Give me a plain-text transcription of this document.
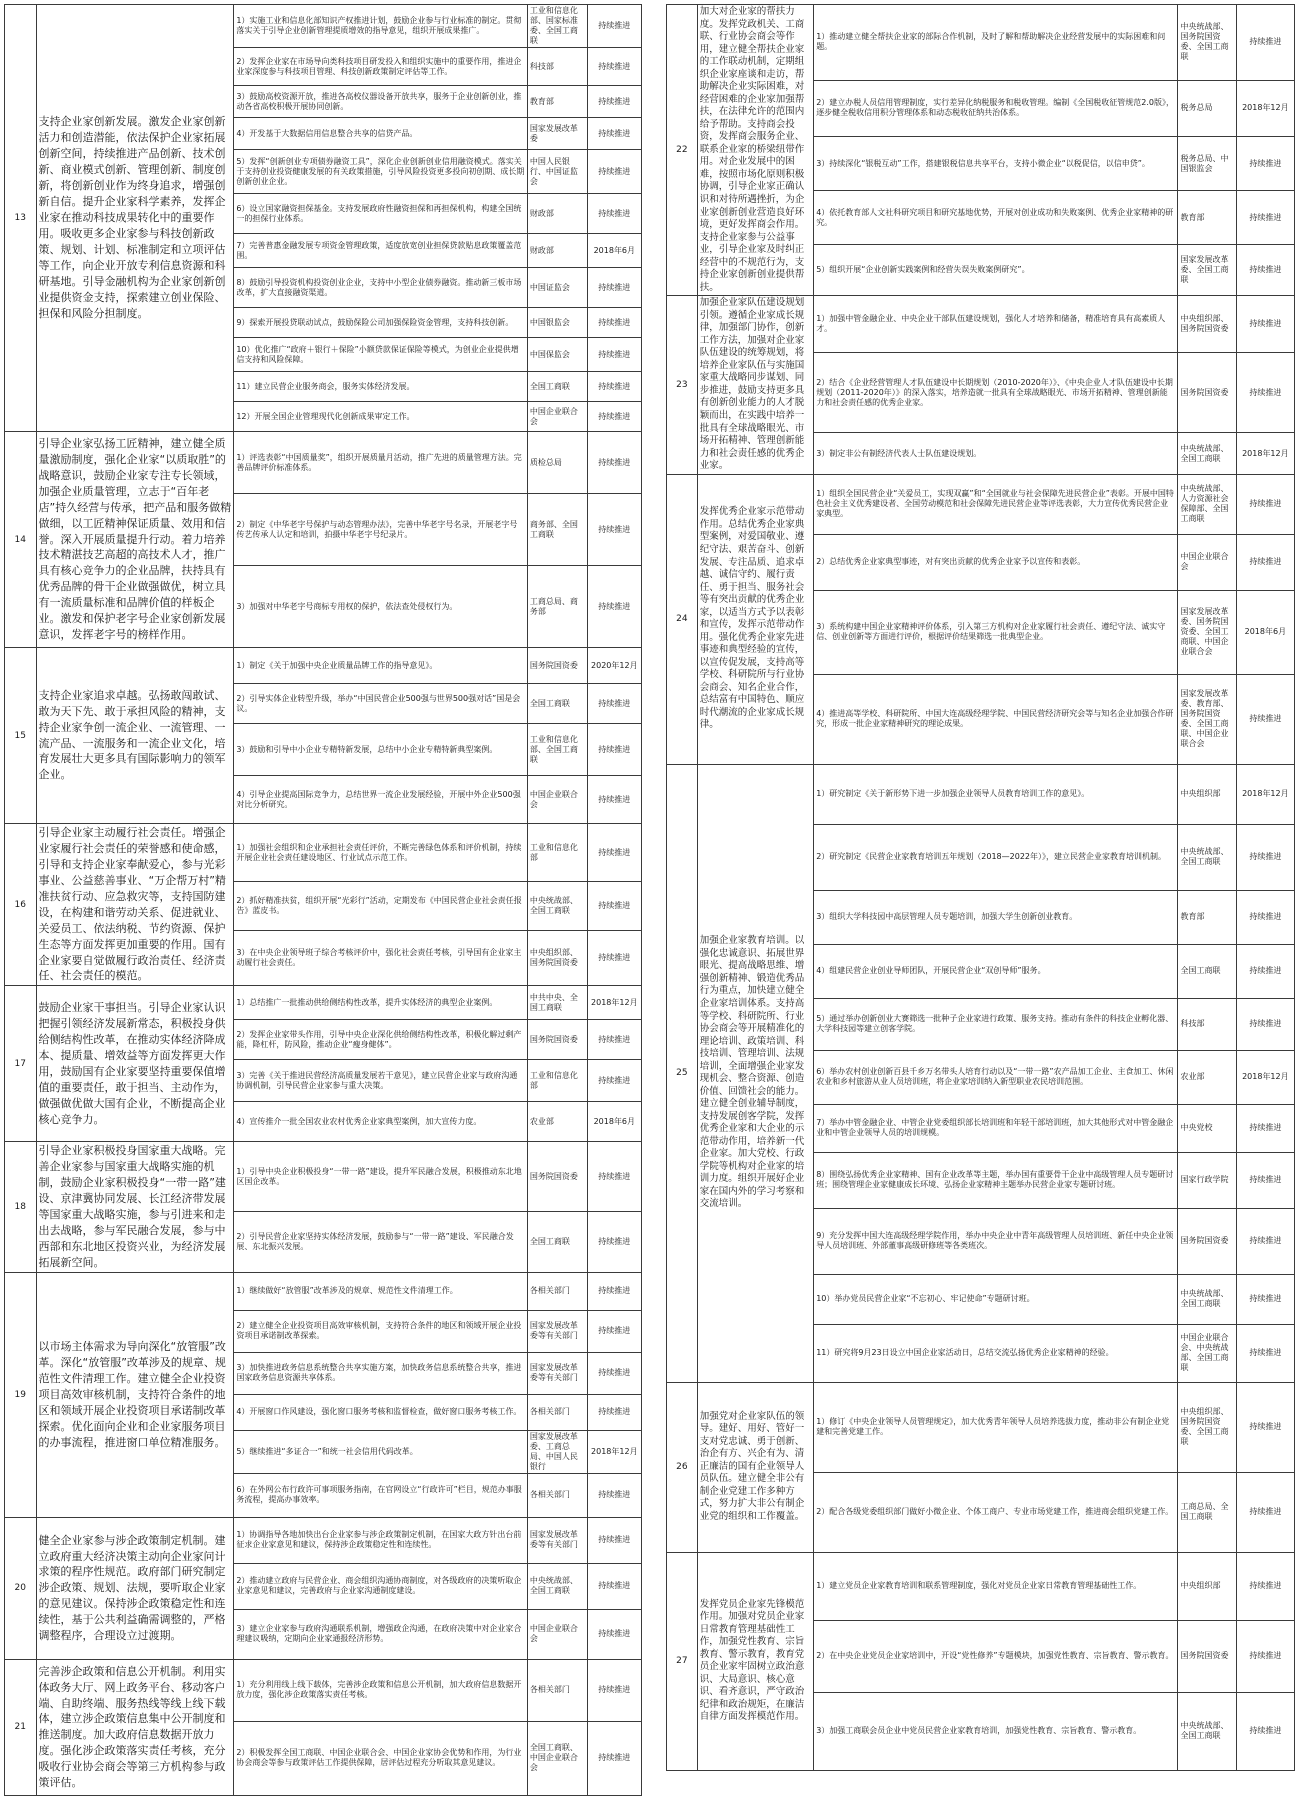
13	支持企业家创新发展。激发企业家创新活力和创造潜能，依法保护企业家拓展创新空间，持续推进产品创新、技术创新、商业模式创新、管理创新、制度创新，将创新创业作为终身追求，增强创新自信。提升企业家科学素养，发挥企业家在推动科技成果转化中的重要作用。吸收更多企业家参与科技创新政策、规划、计划、标准制定和立项评估等工作，向企业开放专利信息资源和科研基地。引导金融机构为企业家创新创业提供资金支持，探索建立创业保险、担保和风险分担制度。	1）实施工业和信息化部知识产权推进计划，鼓励企业参与行业标准的制定。贯彻落实关于引导企业创新管理提质增效的指导意见，组织开展成果推广。	工业和信息化部、国家标准委、全国工商联	持续推进
		2）发挥企业家在市场导向类科技项目研发投入和组织实施中的重要作用，推进企业家深度参与科技项目管理、科技创新政策制定评估等工作。	科技部	持续推进
		3）鼓励高校资源开放，推进各高校仪器设备开放共享，服务于企业创新创业，推动各省高校积极开展协同创新。	教育部	持续推进
		4）开发基于大数据信用信息整合共享的信贷产品。	国家发展改革委	持续推进
		5）发挥“创新创业专项债券融资工具”，深化企业创新创业信用融资模式。落实关于支持创业投资健康发展的有关政策措施，引导风险投资更多投向初创期、成长期创新创业企业。	中国人民银行、中国证监会	持续推进
		6）设立国家融资担保基金。支持发展政府性融资担保和再担保机构，构建全国统一的担保行业体系。	财政部	持续推进
		7）完善普惠金融发展专项资金管理政策，适度放宽创业担保贷款贴息政策覆盖范围。	财政部	2018年6月
		8）鼓励引导投资机构投资创业企业，支持中小型企业债券融资。推动新三板市场改革，扩大直接融资渠道。	中国证监会	持续推进
		9）探索开展投贷联动试点，鼓励保险公司加强保险资金管理，支持科技创新。	中国银监会	持续推进
		10）优化推广“政府＋银行＋保险”小额贷款保证保险等模式，为创业企业提供增信支持和风险保障。	中国保监会	持续推进
		11）建立民营企业服务商会，服务实体经济发展。	全国工商联	持续推进
		12）开展全国企业管理现代化创新成果审定工作。	中国企业联合会	持续推进
14	引导企业家弘扬工匠精神，建立健全质量激励制度，强化企业家“以质取胜”的战略意识，鼓励企业家专注专长领域，加强企业质量管理，立志于“百年老店”持久经营与传承，把产品和服务做精做细，以工匠精神保证质量、效用和信誉。深入开展质量提升行动。着力培养技术精湛技艺高超的高技术人才，推广具有核心竞争力的企业品牌，扶持具有优秀品牌的骨干企业做强做优，树立具有一流质量标准和品牌价值的样板企业。激发和保护老字号企业家创新发展意识，发挥老字号的榜样作用。	1）评选表彰“中国质量奖”，组织开展质量月活动，推广先进的质量管理方法。完善品牌评价标准体系。	质检总局	持续推进
		2）制定《中华老字号保护与动态管理办法》，完善中华老字号名录，开展老字号传艺传承人认定和培训，拍摄中华老字号纪录片。	商务部、全国工商联	持续推进
		3）加强对中华老字号商标专用权的保护，依法查处侵权行为。	工商总局、商务部	持续推进
15	支持企业家追求卓越。弘扬敢闯敢试、敢为天下先、敢于承担风险的精神，支持企业家争创一流企业、一流管理、一流产品、一流服务和一流企业文化，培育发展壮大更多具有国际影响力的领军企业。	1）制定《关于加强中央企业质量品牌工作的指导意见》。	国务院国资委	2020年12月
		2）引导实体企业转型升级，举办“中国民营企业500强与世界500强对话”国是会议。	全国工商联	持续推进
		3）鼓励和引导中小企业专精特新发展，总结中小企业专精特新典型案例。	工业和信息化部、全国工商联	持续推进
		4）引导企业提高国际竞争力，总结世界一流企业发展经验，开展中外企业500强对比分析研究。	中国企业联合会	持续推进
16	引导企业家主动履行社会责任。增强企业家履行社会责任的荣誉感和使命感，引导和支持企业家奉献爱心，参与光彩事业、公益慈善事业、“万企帮万村”精准扶贫行动、应急救灾等，支持国防建设，在构建和谐劳动关系、促进就业、关爱员工、依法纳税、节约资源、保护生态等方面发挥更加重要的作用。国有企业家要自觉做履行政治责任、经济责任、社会责任的模范。	1）加强社会组织和企业承担社会责任评价，不断完善绿色体系和评价机制，持续开展企业社会责任建设地区、行业试点示范工作。	工业和信息化部	持续推进
		2）抓好精准扶贫，组织开展“光彩行”活动，定期发布《中国民营企业社会责任报告》蓝皮书。	中央统战部、全国工商联	持续推进
		3）在中央企业领导班子综合考核评价中，强化社会责任考核，引导国有企业家主动履行社会责任。	中央组织部、国务院国资委	持续推进
17	鼓励企业家干事担当。引导企业家认识把握引领经济发展新常态，积极投身供给侧结构性改革，在推动实体经济降成本、提质量、增效益等方面发挥更大作用，鼓励国有企业家要坚持重要保值增值的重要责任，敢于担当、主动作为，做强做优做大国有企业，不断提高企业核心竞争力。	1）总结推广一批推动供给侧结构性改革，提升实体经济的典型企业案例。	中共中央、全国工商联	2018年12月
		2）发挥企业家带头作用，引导中央企业深化供给侧结构性改革，积极化解过剩产能，降杠杆，防风险，推动企业“瘦身健体”。	国务院国资委	持续推进
		3）完善《关于推进民营经济高质量发展若干意见》，建立民营企业家与政府沟通协调机制，引导民营企业家参与重大决策。	工业和信息化部	持续推进
		4）宣传推介一批全国农业农村优秀企业家典型案例，加大宣传力度。	农业部	2018年6月
18	引导企业家积极投身国家重大战略。完善企业家参与国家重大战略实施的机制，鼓励企业家积极投身“一带一路”建设、京津冀协同发展、长江经济带发展等国家重大战略实施，参与引进来和走出去战略，参与军民融合发展，参与中西部和东北地区投资兴业，为经济发展拓展新空间。	1）引导中央企业积极投身“一带一路”建设，提升军民融合发展，积极推动东北地区国企改革。	国务院国资委	持续推进
		2）引导民营企业家坚持实体经济发展，鼓励参与“一带一路”建设、军民融合发展、东北振兴发展。	全国工商联	持续推进
19	以市场主体需求为导向深化“放管服”改革。深化“放管服”改革涉及的规章、规范性文件清理工作。建立健全企业投资项目高效审核机制，支持符合条件的地区和领域开展企业投资项目承诺制改革探索。优化面向企业和企业家服务项目的办事流程，推进窗口单位精准服务。	1）继续做好“放管服”改革涉及的规章、规范性文件清理工作。	各相关部门	持续推进
		2）建立健全企业投资项目高效审核机制，支持符合条件的地区和领域开展企业投资项目承诺制改革探索。	国家发展改革委等有关部门	持续推进
		3）加快推进政务信息系统整合共享实施方案，加快政务信息系统整合共享，推进国家政务信息资源共享体系。	国家发展改革委等有关部门	持续推进
		4）开展窗口作风建设，强化窗口服务考核和监督检查，做好窗口服务考核工作。	各相关部门	持续推进
		5）继续推进“多证合一”和统一社会信用代码改革。	国家发展改革委、工商总局、中国人民银行	2018年12月
		6）在外网公布行政许可事项服务指南，在官网设立“行政许可”栏目，规范办事服务流程，提高办事效率。	各相关部门	持续推进
20	健全企业家参与涉企政策制定机制。建立政府重大经济决策主动向企业家问计求策的程序性规范。政府部门研究制定涉企政策、规划、法规，要听取企业家的意见建议。保持涉企政策稳定性和连续性，基于公共利益确需调整的，严格调整程序，合理设立过渡期。	1）协调指导各地加快出台企业家参与涉企政策制定机制，在国家大政方针出台前征求企业家意见和建议，保持涉企政策稳定性和连续性。	国家发展改革委等有关部门	持续推进
		2）推动建立政府与民营企业、商会组织沟通协商制度，对各级政府的决策听取企业家意见和建议，完善政府与企业家沟通制度建设。	中央统战部、全国工商联	持续推进
		3）建立企业家参与政府沟通联系机制，增强政企沟通，在政府决策中对企业家合理建议吸纳，定期向企业家通报经济形势。	中国企业联合会	持续推进
21	完善涉企政策和信息公开机制。利用实体政务大厅、网上政务平台、移动客户端、自助终端、服务热线等线上线下载体，建立涉企政策信息集中公开制度和推送制度。加大政府信息数据开放力度。强化涉企政策落实责任考核，充分吸收行业协会商会等第三方机构参与政策评估。	1）充分利用线上线下载体，完善涉企政策和信息公开机制，加大政府信息数据开放力度，强化涉企政策落实责任考核。	各相关部门	持续推进
		2）积极发挥全国工商联、中国企业联合会、中国企业家协会优势和作用，为行业协会商会等参与政策评估工作提供保障，居评估过程充分听取其意见建议。	全国工商联、中国企业联合会	持续推进
22	加大对企业家的帮扶力度。发挥党政机关、工商联、行业协会商会等作用，建立健全帮扶企业家的工作联动机制，定期组织企业家座谈和走访，帮助解决企业实际困难，对经营困难的企业家加强帮扶，在法律允许的范围内给予帮助。支持商会投资，发挥商会服务企业、联系企业家的桥梁纽带作用。对企业发展中的困难，按照市场化原则积极协调，引导企业家正确认识和对待所遇挫折，为企业家创新创业营造良好环境，更好发挥商会作用。支持企业家参与公益事业，引导企业家及时纠正经营中的不规范行为，支持企业家创新创业提供帮扶。	1）推动建立健全帮扶企业家的部际合作机制，及时了解和帮助解决企业经营发展中的实际困难和问题。	中央统战部、国务院国资委、全国工商联	持续推进
		2）建立办税人员信用管理制度，实行差异化纳税服务和税收管理。编制《全国税收征管规范2.0版》，逐步健全税收信用积分管理体系和动态税收征纳共治体系。	税务总局	2018年12月
		3）持续深化“银税互动”工作，搭建银税信息共享平台，支持小微企业“以税促信，以信申贷”。	税务总局、中国银监会	持续推进
		4）依托教育部人文社科研究项目和研究基地优势，开展对创业成功和失败案例、优秀企业家精神的研究。	教育部	持续推进
		5）组织开展“企业创新实践案例和经营失误失败案例研究”。	国家发展改革委、全国工商联	持续推进
23	加强企业家队伍建设规划引领。遵循企业家成长规律，加强部门协作，创新工作方法，加强对企业家队伍建设的统筹规划，将培养企业家队伍与实施国家重大战略同步谋划、同步推进，鼓励支持更多具有创新创业能力的人才脱颖而出，在实践中培养一批具有全球战略眼光、市场开拓精神、管理创新能力和社会责任感的优秀企业家。	1）加强中管金融企业、中央企业干部队伍建设规划，强化人才培养和储备，精准培育具有高素质人才。	中央组织部、国务院国资委	持续推进
		2）结合《企业经营管理人才队伍建设中长期规划（2010-2020年）》、《中央企业人才队伍建设中长期规划（2011-2020年）》的深入落实，培养造就一批具有全球战略眼光、市场开拓精神、管理创新能力和社会责任感的优秀企业家。	国务院国资委	持续推进
		3）制定非公有制经济代表人士队伍建设规划。	中央统战部、全国工商联	2018年12月
24	发挥优秀企业家示范带动作用。总结优秀企业家典型案例，对爱国敬业、遵纪守法、艰苦奋斗、创新发展、专注品质、追求卓越、诚信守约、履行责任、勇于担当、服务社会等有突出贡献的优秀企业家，以适当方式予以表彰和宣传，发挥示范带动作用。强化优秀企业家先进事迹和典型经验的宣传，以宣传促发展，支持高等学校、科研院所与行业协会商会、知名企业合作，总结富有中国特色、顺应时代潮流的企业家成长规律。	1）组织全国民营企业“关爱员工，实现双赢”和“全国就业与社会保障先进民营企业”表彰。开展中国特色社会主义优秀建设者、全国劳动模范和社会保障先进民营企业等评选表彰，大力宣传优秀民营企业家典型。	中央统战部、人力资源社会保障部、全国工商联	持续推进
		2）总结优秀企业家典型事迹，对有突出贡献的优秀企业家予以宣传和表彰。	中国企业联合会	持续推进
		3）系统构建中国企业家精神评价体系，引入第三方机构对企业家履行社会责任、遵纪守法、诚实守信、创业创新等方面进行评价，根据评价结果筛选一批典型企业。	国家发展改革委、国务院国资委、全国工商联、中国企业联合会	2018年6月
		4）推进高等学校、科研院所、中国大连高级经理学院、中国民营经济研究会等与知名企业加强合作研究，形成一批企业家精神研究的理论成果。	国家发展改革委、教育部、国务院国资委、全国工商联、中国企业联合会	持续推进
25	加强企业家教育培训。以强化忠诚意识、拓展世界眼光、提高战略思维、增强创新精神、锻造优秀品行为重点，加快建立健全企业家培训体系。支持高等学校、科研院所、行业协会商会等开展精准化的理论培训、政策培训、科技培训、管理培训、法规培训，全面增强企业家发现机会、整合资源、创造价值、回馈社会的能力。建立健全创业辅导制度，支持发展创客学院，发挥优秀企业家和大企业的示范带动作用，培养新一代企业家。加大党校、行政学院等机构对企业家的培训力度。组织开展好企业家在国内外的学习考察和交流培训。	1）研究制定《关于新形势下进一步加强企业领导人员教育培训工作的意见》。	中央组织部	2018年12月
		2）研究制定《民营企业家教育培训五年规划（2018—2022年）》，建立民营企业家教育培训机制。	中央统战部、全国工商联	持续推进
		3）组织大学科技园中高层管理人员专题培训，加强大学生创新创业教育。	教育部	持续推进
		4）组建民营企业创业导师团队，开展民营企业“双创导师”服务。	全国工商联	持续推进
		5）通过举办创新创业大赛筛选一批种子企业家进行政策、服务支持。推动有条件的科技企业孵化器、大学科技园等建立创客学院。	科技部	持续推进
		6）举办农村创业创新百县千乡万名带头人培育行动以及“一带一路”农产品加工企业、主食加工、休闲农业和乡村旅游从业人员培训班，将企业家培训纳入新型职业农民培训范围。	农业部	2018年12月
		7）举办中管金融企业、中管企业党委组织部长培训班和年轻干部培训班，加大其他形式对中管金融企业和中管企业领导人员的培训规模。	中央党校	持续推进
		8）围绕弘扬优秀企业家精神、国有企业改革等主题，举办国有重要骨干企业中高级管理人员专题研讨班；围绕管理企业家健康成长环境、弘扬企业家精神主题举办民营企业家专题研讨班。	国家行政学院	持续推进
		9）充分发挥中国大连高级经理学院作用，举办中央企业中青年高级管理人员培训班、新任中央企业领导人员培训班、外部董事高级研修班等各类班次。	国务院国资委	持续推进
		10）举办党员民营企业家“不忘初心、牢记使命”专题研讨班。	中央统战部、全国工商联	持续推进
		11）研究将9月23日设立中国企业家活动日，总结交流弘扬优秀企业家精神的经验。	中国企业联合会、中央统战部、全国工商联	持续推进
26	加强党对企业家队伍的领导。建好、用好、管好一支对党忠诚、勇于创新、治企有方、兴企有为、清正廉洁的国有企业领导人员队伍。建立健全非公有制企业党建工作多种方式，努力扩大非公有制企业党的组织和工作覆盖。	1）修订《中央企业领导人员管理规定》，加大优秀青年领导人员培养选拔力度，推动非公有制企业党建和完善党建工作。	中央组织部、国务院国资委、全国工商联	持续推进
		2）配合各级党委组织部门做好小微企业、个体工商户、专业市场党建工作，推进商会组织党建工作。	工商总局、全国工商联	持续推进
27	发挥党员企业家先锋模范作用。加强对党员企业家日常教育管理基础性工作，加强党性教育、宗旨教育、警示教育，教育党员企业家牢固树立政治意识、大局意识、核心意识、看齐意识，严守政治纪律和政治规矩，在廉洁自律方面发挥模范作用。	1）建立党员企业家教育培训和联系管理制度，强化对党员企业家日常教育管理基础性工作。	中央组织部	持续推进
		2）在中央企业党员企业家培训中，开设“党性修养”专题模块，加强党性教育、宗旨教育、警示教育。	国务院国资委	持续推进
		3）加强工商联会员企业中党员民营企业家教育培训，加强党性教育、宗旨教育、警示教育。	中央统战部、全国工商联	持续推进
